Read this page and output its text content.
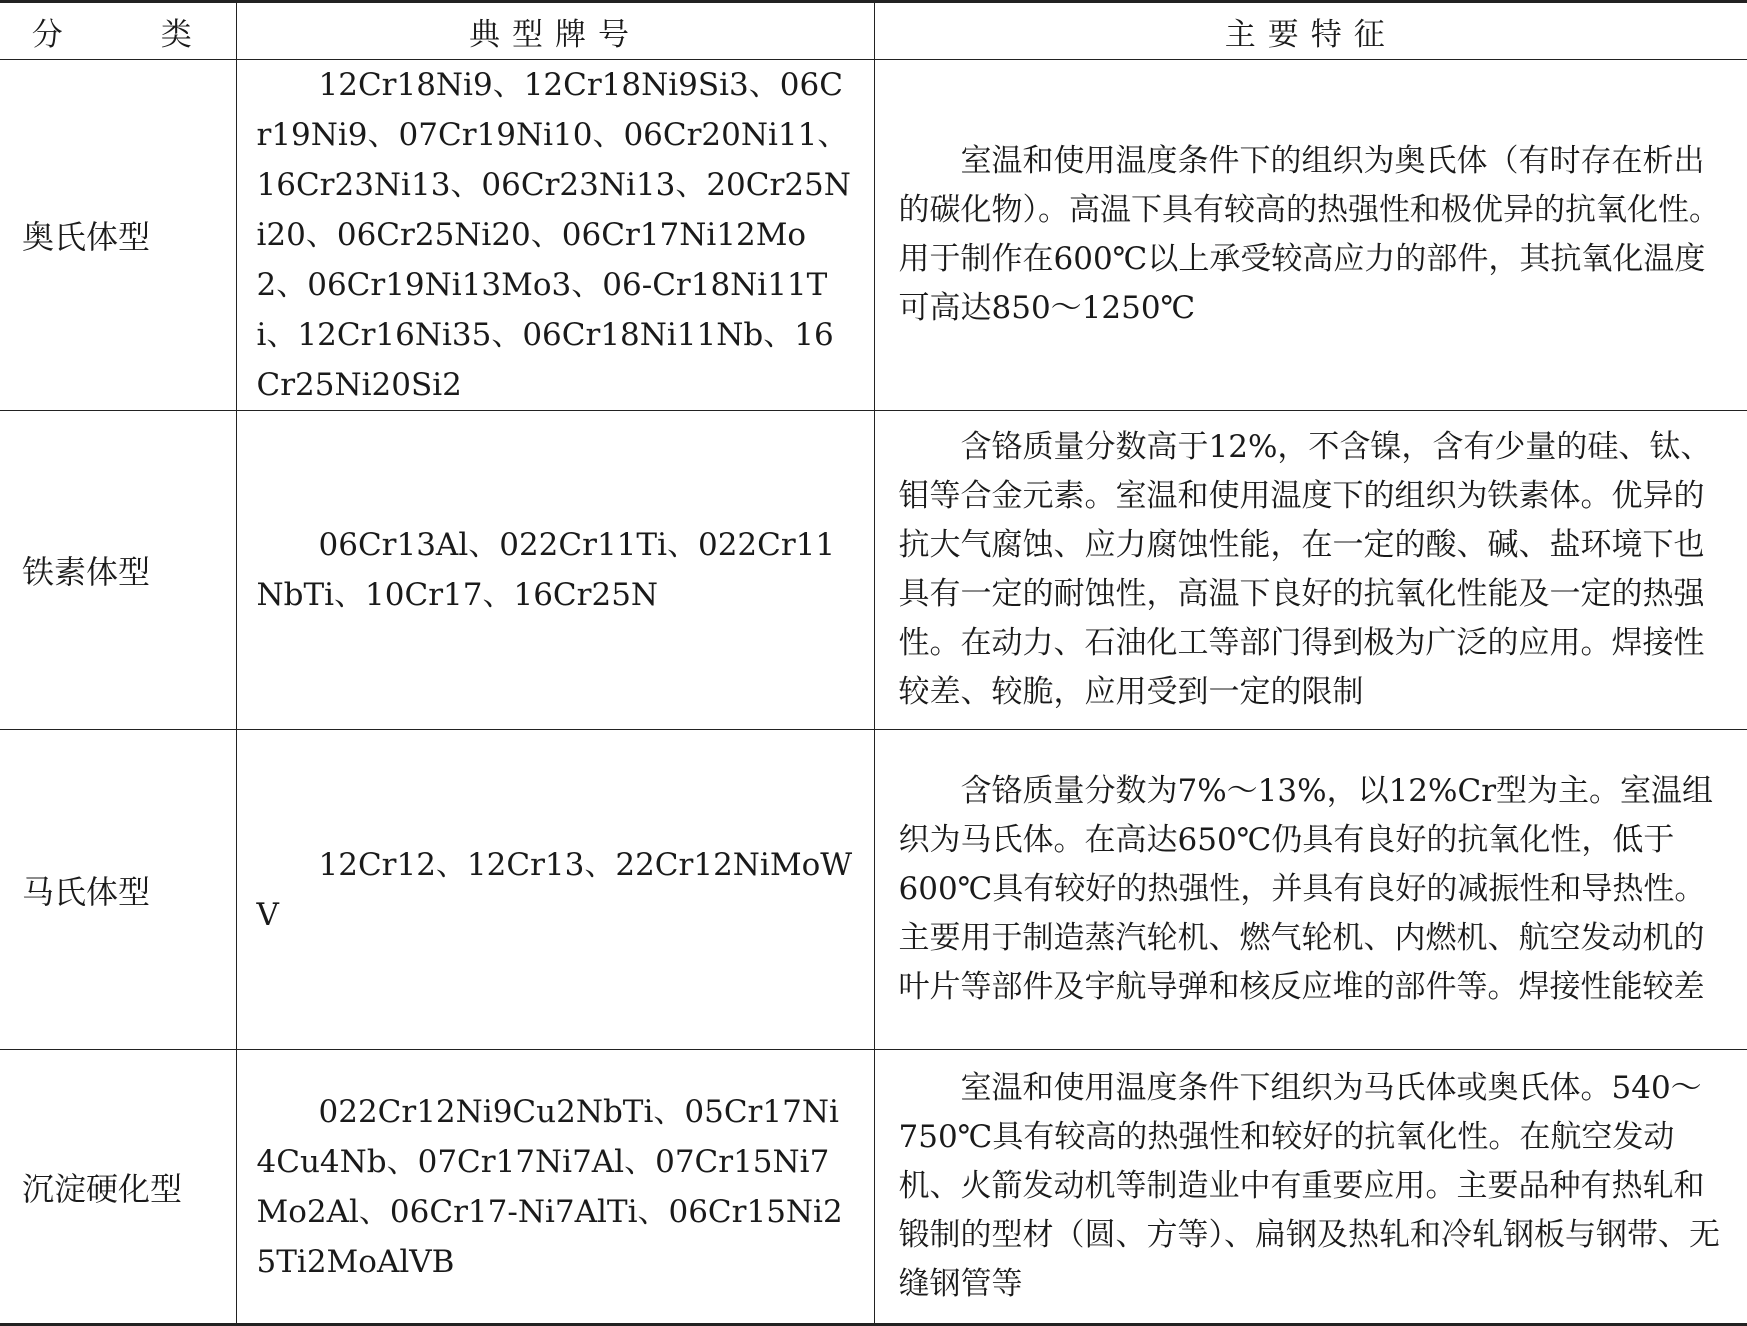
分　　类	典型牌号	主要特征
奥氏体型	12Cr18Ni9、12Cr18Ni9Si3、06Cr19Ni9、07Cr19Ni10、06Cr20Ni11、16Cr23Ni13、06Cr23Ni13、20Cr25Ni20、06Cr25Ni20、06Cr17Ni12Mo2、06Cr19Ni13Mo3、06-Cr18Ni11Ti、12Cr16Ni35、06Cr18Ni11Nb、16Cr25Ni20Si2	室温和使用温度条件下的组织为奥氏体（有时存在析出的碳化物）。高温下具有较高的热强性和极优异的抗氧化性。用于制作在600℃以上承受较高应力的部件，其抗氧化温度可高达850～1250℃
铁素体型	06Cr13Al、022Cr11Ti、022Cr11NbTi、10Cr17、16Cr25N	含铬质量分数高于12%，不含镍，含有少量的硅、钛、钼等合金元素。室温和使用温度下的组织为铁素体。优异的抗大气腐蚀、应力腐蚀性能，在一定的酸、碱、盐环境下也具有一定的耐蚀性，高温下良好的抗氧化性能及一定的热强性。在动力、石油化工等部门得到极为广泛的应用。焊接性较差、较脆，应用受到一定的限制
马氏体型	12Cr12、12Cr13、22Cr12NiMoWV	含铬质量分数为7%～13%，以12%Cr型为主。室温组织为马氏体。在高达650℃仍具有良好的抗氧化性，低于600℃具有较好的热强性，并具有良好的减振性和导热性。主要用于制造蒸汽轮机、燃气轮机、内燃机、航空发动机的叶片等部件及宇航导弹和核反应堆的部件等。焊接性能较差
沉淀硬化型	022Cr12Ni9Cu2NbTi、05Cr17Ni4Cu4Nb、07Cr17Ni7Al、07Cr15Ni7Mo2Al、06Cr17-Ni7AlTi、06Cr15Ni25Ti2MoAlVB	室温和使用温度条件下组织为马氏体或奥氏体。540～750℃具有较高的热强性和较好的抗氧化性。在航空发动机、火箭发动机等制造业中有重要应用。主要品种有热轧和锻制的型材（圆、方等）、扁钢及热轧和冷轧钢板与钢带、无缝钢管等
